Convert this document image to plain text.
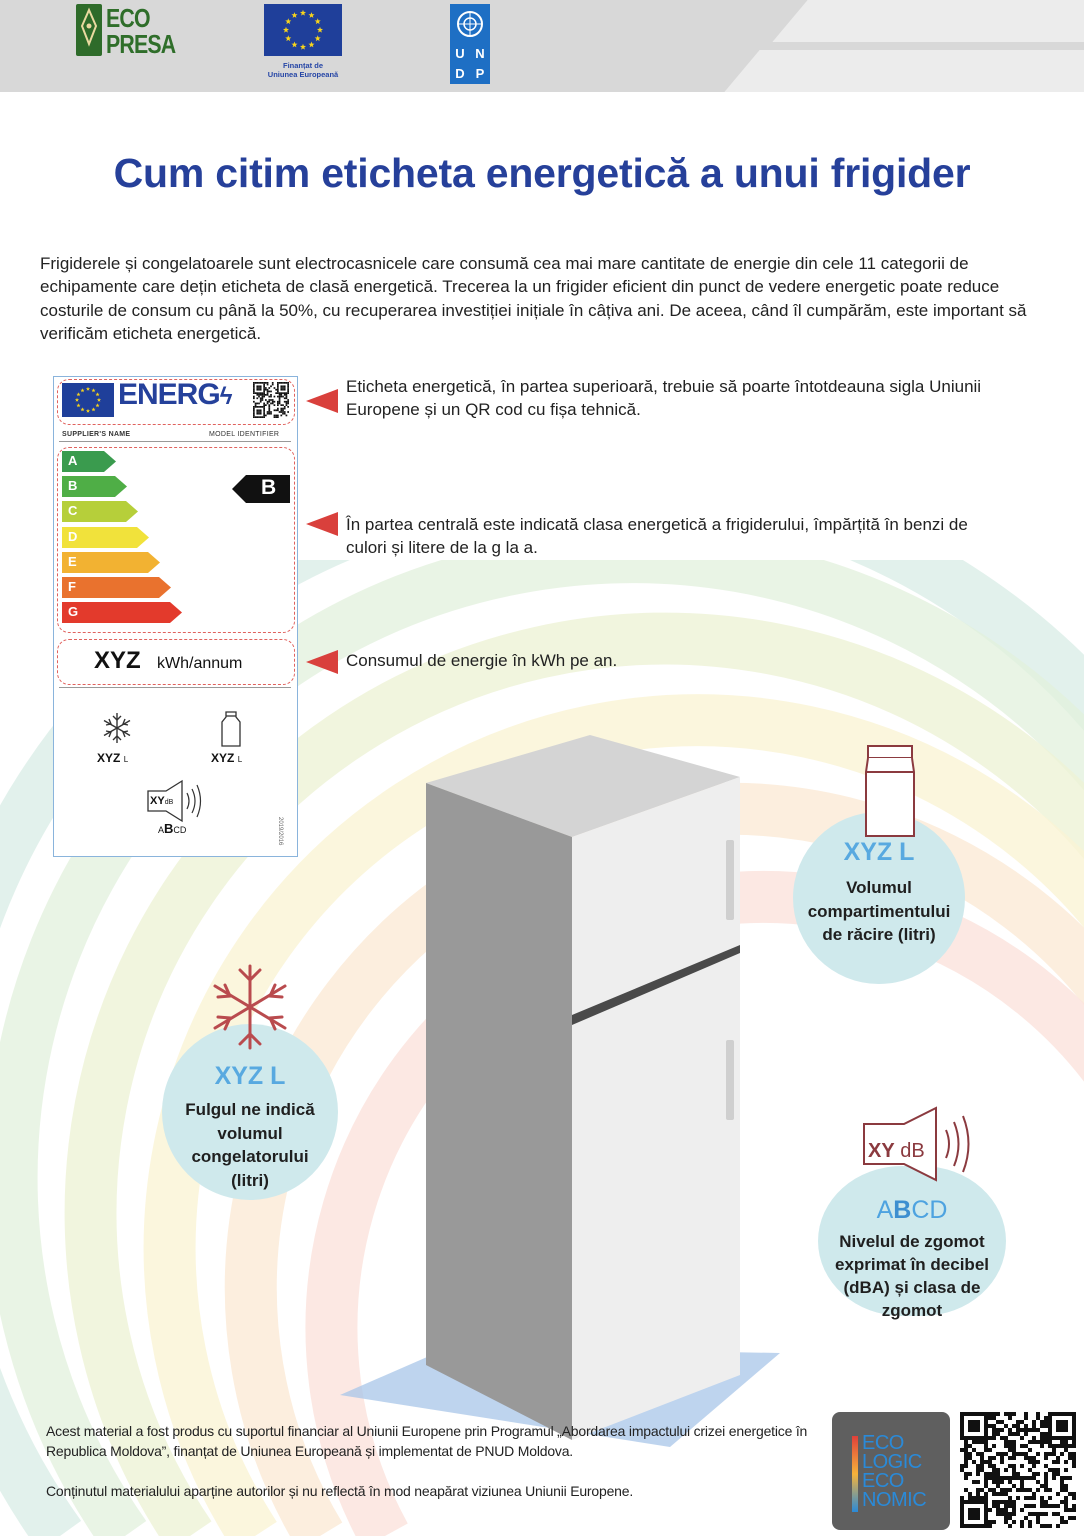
ECO
PRESA
Finanțat de
Uniunea Europeană
U N
D P
Cum citim eticheta energetică a unui frigider

Frigiderele și congelatoarele sunt electrocasnicele care consumă cea mai mare cantitate de energie din cele 11 categorii de echipamente care dețin eticheta de clasă energetică. Trecerea la un frigider eficient din punct de vedere energetic poate reduce costurile de consum cu până la 50%, cu recuperarea investiției inițiale în câțiva ani. De aceea, când îl cumpărăm, este important să verificăm eticheta energetică.

ENERGϟ
SUPPLIER'S NAME	MODEL IDENTIFIER
A
B
C
D
E
F
G
B
XYZ kWh/annum
XYZ L	XYZ L
XYdB
ABCD	2019/2016
Eticheta energetică, în partea superioară, trebuie să poarte întotdeauna sigla Uniunii Europene și un QR cod cu fișa tehnică.
În partea centrală este indicată clasa energetică a frigiderului, împărțită în benzi de culori și litere de la g la a.
Consumul de energie în kWh pe an.
XYZ L
Volumul compartimentului de răcire (litri)
XYZ L
Fulgul ne indică volumul congelatorului (litri)
ABCD
Nivelul de zgomot exprimat în decibel (dBA) și clasa de zgomot
XY dB

Acest material a fost produs cu suportul financiar al Uniunii Europene prin Programul „Abordarea impactului crizei energetice în Republica Moldova”, finanțat de Uniunea Europeană și implementat de PNUD Moldova.

Conținutul materialului aparține autorilor și nu reflectă în mod neapărat viziunea Uniunii Europene.

ECO
LOGIC
ECO
NOMIC
